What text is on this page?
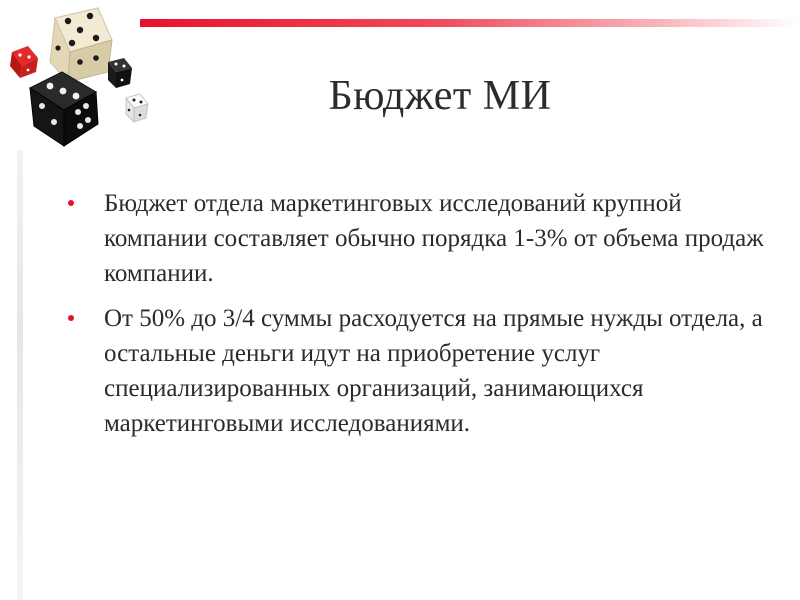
Бюджет МИ
Бюджет отдела маркетинговых исследований крупной компании составляет обычно порядка 1-3% от объема продаж компании.
От 50% до 3/4 суммы расходуется на прямые нужды отдела, а остальные деньги идут на приобретение услуг специализированных организаций, занимающихся маркетинговыми исследованиями.
